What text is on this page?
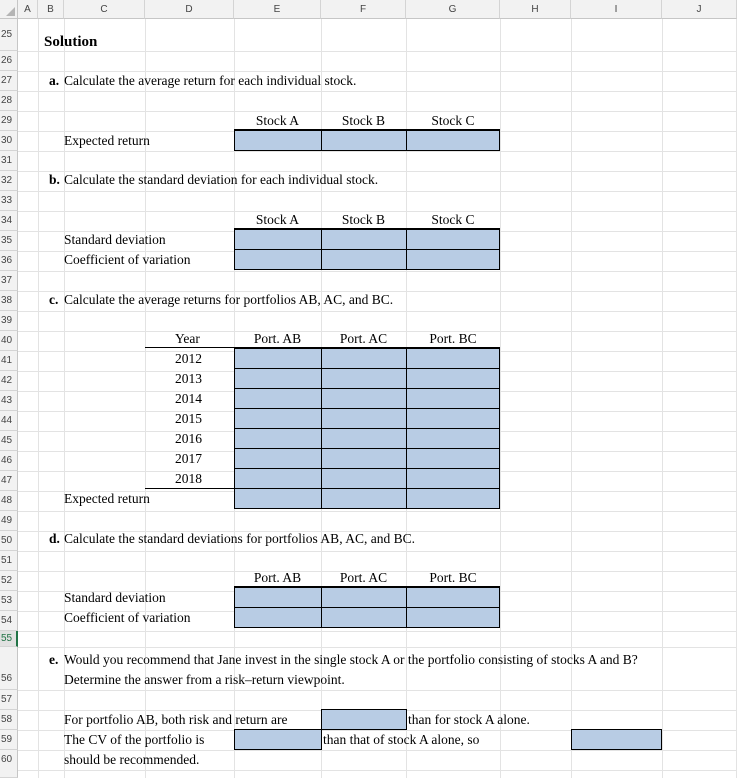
A	B	C	D	E	F	G	H	I	J
25
26
27
28
29
30
31
32
33
34
35
36
37
38
39
40
41
42
43
44
45
46
47
48
49
50
51
52
53
54
55
56
57
58
59
60
Solution
a. Calculate the average return for each individual stock.
Stock A	Stock B	Stock C
Expected return
b. Calculate the standard deviation for each individual stock.
Stock A	Stock B	Stock C
Standard deviation
Coefficient of variation
c. Calculate the average returns for portfolios AB, AC, and BC.
Year	Port. AB	Port. AC	Port. BC
2012
2013
2014
2015
2016
2017
2018
Expected return
d. Calculate the standard deviations for portfolios AB, AC, and BC.
Port. AB	Port. AC	Port. BC
Standard deviation
Coefficient of variation
e. Would you recommend that Jane invest in the single stock A or the portfolio consisting of stocks A and B?
Determine the answer from a risk–return viewpoint.
For portfolio AB, both risk and return are	than for stock A alone.
The CV of the portfolio is	than that of stock A alone, so
should be recommended.
